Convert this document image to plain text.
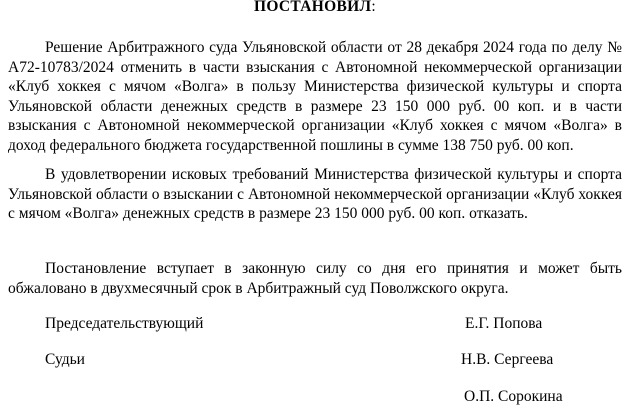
ПОСТАНОВИЛ:

Решение Арбитражного суда Ульяновской области от 28 декабря 2024 года по делу № А72-10783/2024 отменить в части взыскания с Автономной некоммерческой организации «Клуб хоккея с мячом «Волга» в пользу Министерства физической культуры и спорта Ульяновской области денежных средств в размере 23 150 000 руб. 00 коп. и в части взыскания с Автономной некоммерческой организации «Клуб хоккея с мячом «Волга» в доход федерального бюджета государственной пошлины в сумме 138 750 руб. 00 коп.

В удовлетворении исковых требований Министерства физической культуры и спорта Ульяновской области о взыскании с Автономной некоммерческой организации «Клуб хоккея с мячом «Волга» денежных средств в размере 23 150 000 руб. 00 коп. отказать.

Постановление вступает в законную силу со дня его принятия и может быть обжаловано в двухмесячный срок в Арбитражный суд Поволжского округа.

Председательствующий	Е.Г. Попова
Судьи	Н.В. Сергеева
О.П. Сорокина
